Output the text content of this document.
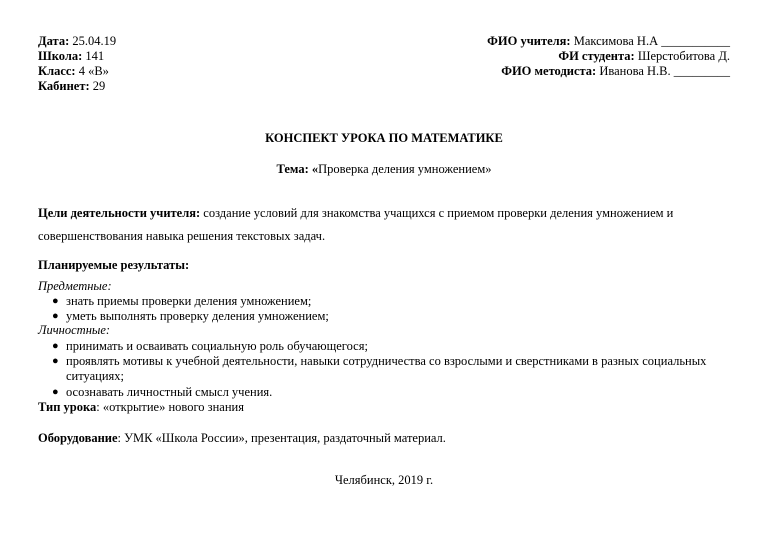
Дата: 25.04.19
Школа: 141
Класс: 4 «В»
Кабинет: 29
ФИО учителя: Максимова Н.А ___________
ФИ студента: Шерстобитова Д.
ФИО методиста: Иванова Н.В. _________
КОНСПЕКТ УРОКА ПО МАТЕМАТИКЕ
Тема: «Проверка деления умножением»
Цели деятельности учителя: создание условий для знакомства учащихся с приемом проверки деления умножением и
совершенствования навыка решения текстовых задач.
Планируемые результаты:
Предметные:
● знать приемы проверки деления умножением;
● уметь выполнять проверку деления умножением;
Личностные:
● принимать и осваивать социальную роль обучающегося;
● проявлять мотивы к учебной деятельности, навыки сотрудничества со взрослыми и сверстниками в разных социальных
ситуациях;
● осознавать личностный смысл учения.
Тип урока: «открытие» нового знания
Оборудование: УМК «Школа России», презентация, раздаточный материал.
Челябинск, 2019 г.
